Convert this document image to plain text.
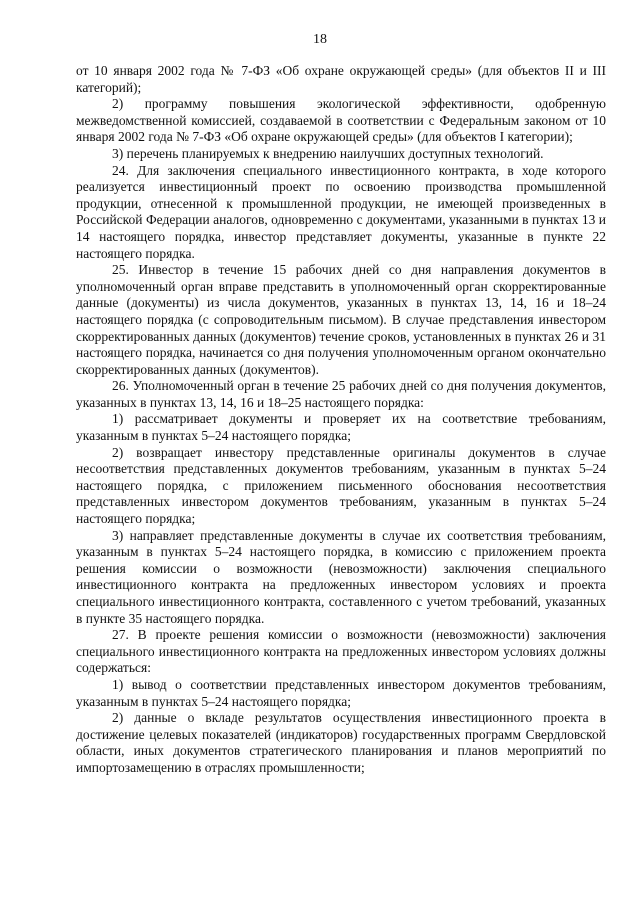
18

от 10 января 2002 года № 7-ФЗ «Об охране окружающей среды» (для объектов II и III категорий);

2) программу повышения экологической эффективности, одобренную межведомственной комиссией, создаваемой в соответствии с Федеральным законом от 10 января 2002 года № 7-ФЗ «Об охране окружающей среды» (для объектов I категории);

3) перечень планируемых к внедрению наилучших доступных технологий.

24. Для заключения специального инвестиционного контракта, в ходе которого реализуется инвестиционный проект по освоению производства промышленной продукции, отнесенной к промышленной продукции, не имеющей произведенных в Российской Федерации аналогов, одновременно с документами, указанными в пунктах 13 и 14 настоящего порядка, инвестор представляет документы, указанные в пункте 22 настоящего порядка.

25. Инвестор в течение 15 рабочих дней со дня направления документов в уполномоченный орган вправе представить в уполномоченный орган скорректированные данные (документы) из числа документов, указанных в пунктах 13, 14, 16 и 18–24 настоящего порядка (с сопроводительным письмом). В случае представления инвестором скорректированных данных (документов) течение сроков, установленных в пунктах 26 и 31 настоящего порядка, начинается со дня получения уполномоченным органом окончательно скорректированных данных (документов).

26. Уполномоченный орган в течение 25 рабочих дней со дня получения документов, указанных в пунктах 13, 14, 16 и 18–25 настоящего порядка:

1) рассматривает документы и проверяет их на соответствие требованиям, указанным в пунктах 5–24 настоящего порядка;

2) возвращает инвестору представленные оригиналы документов в случае несоответствия представленных документов требованиям, указанным в пунктах 5–24 настоящего порядка, с приложением письменного обоснования несоответствия представленных инвестором документов требованиям, указанным в пунктах 5–24 настоящего порядка;

3) направляет представленные документы в случае их соответствия требованиям, указанным в пунктах 5–24 настоящего порядка, в комиссию с приложением проекта решения комиссии о возможности (невозможности) заключения специального инвестиционного контракта на предложенных инвестором условиях и проекта специального инвестиционного контракта, составленного с учетом требований, указанных в пункте 35 настоящего порядка.

27. В проекте решения комиссии о возможности (невозможности) заключения специального инвестиционного контракта на предложенных инвестором условиях должны содержаться:

1) вывод о соответствии представленных инвестором документов требованиям, указанным в пунктах 5–24 настоящего порядка;

2) данные о вкладе результатов осуществления инвестиционного проекта в достижение целевых показателей (индикаторов) государственных программ Свердловской области, иных документов стратегического планирования и планов мероприятий по импортозамещению в отраслях промышленности;
